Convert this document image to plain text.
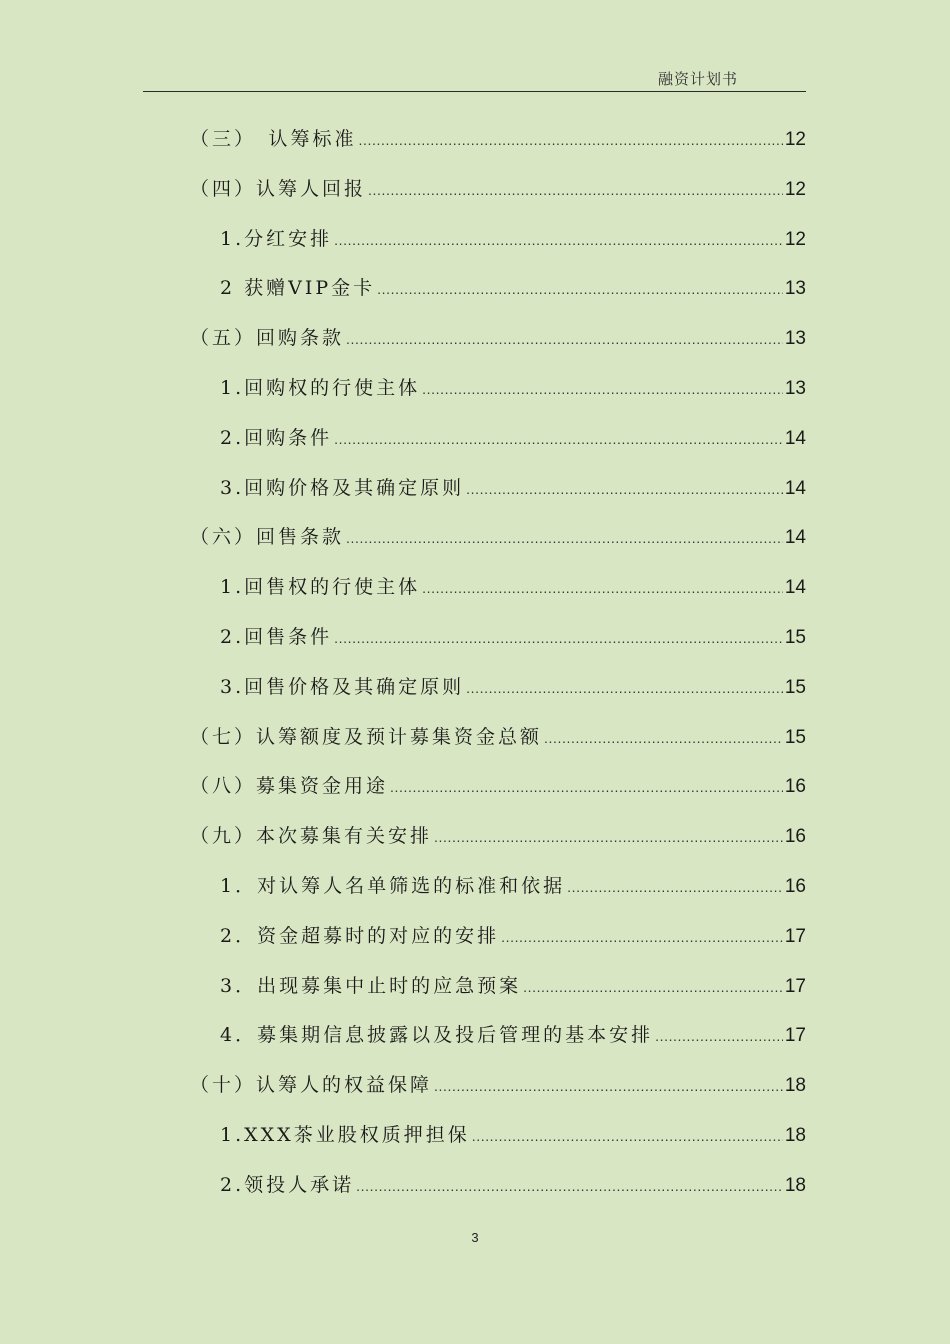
融资计划书
（三）　认筹标准 .....	12
（四）认筹人回报 .....	12
1.分红安排 .....	12
2 获赠VIP金卡 .....	13
（五）回购条款 .....	13
1.回购权的行使主体 .....	13
2.回购条件 .....	14
3.回购价格及其确定原则 .....	14
（六）回售条款 .....	14
1.回售权的行使主体 .....	14
2.回售条件 .....	15
3.回售价格及其确定原则 .....	15
（七）认筹额度及预计募集资金总额 .....	15
（八）募集资金用途 .....	16
（九）本次募集有关安排 .....	16
1．对认筹人名单筛选的标准和依据 .....	16
2．资金超募时的对应的安排 .....	17
3．出现募集中止时的应急预案 .....	17
4．募集期信息披露以及投后管理的基本安排 .....	17
（十）认筹人的权益保障 .....	18
1.XXX茶业股权质押担保 .....	18
2.领投人承诺 .....	18
3
